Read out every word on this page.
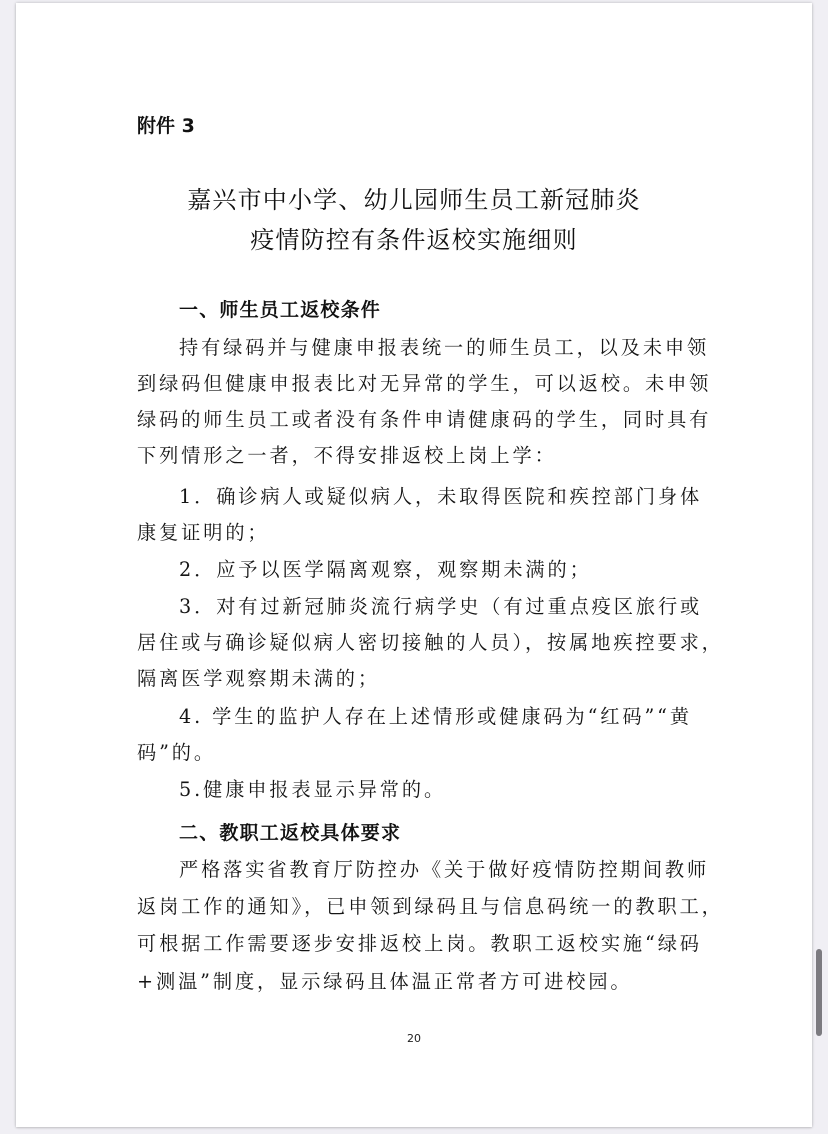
附件 3
嘉兴市中小学、幼儿园师生员工新冠肺炎
疫情防控有条件返校实施细则
一、师生员工返校条件
持有绿码并与健康申报表统一的师生员工，以及未申领
到绿码但健康申报表比对无异常的学生，可以返校。未申领
绿码的师生员工或者没有条件申请健康码的学生，同时具有
下列情形之一者，不得安排返校上岗上学：
1．确诊病人或疑似病人，未取得医院和疾控部门身体
康复证明的；
2．应予以医学隔离观察，观察期未满的；
3．对有过新冠肺炎流行病学史（有过重点疫区旅行或
居住或与确诊疑似病人密切接触的人员），按属地疾控要求，
隔离医学观察期未满的；
4. 学生的监护人存在上述情形或健康码为“红码”“黄
码”的。
5.健康申报表显示异常的。
二、教职工返校具体要求
严格落实省教育厅防控办《关于做好疫情防控期间教师
返岗工作的通知》，已申领到绿码且与信息码统一的教职工，
可根据工作需要逐步安排返校上岗。教职工返校实施“绿码
+测温”制度，显示绿码且体温正常者方可进校园。
20
